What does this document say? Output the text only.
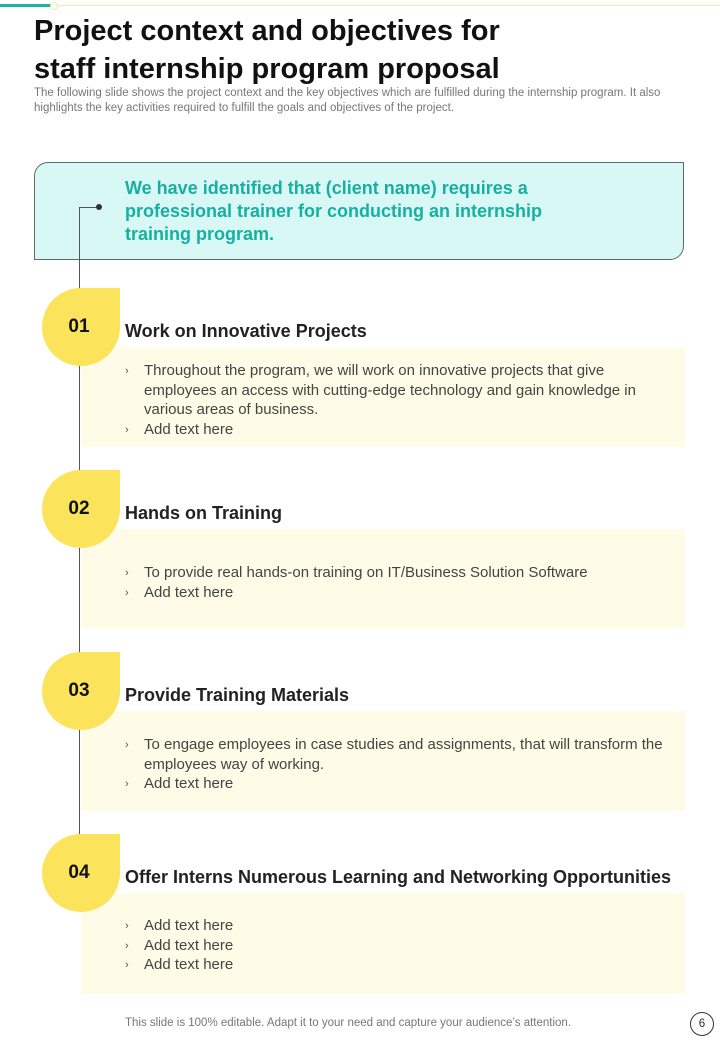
Project context and objectives for
staff internship program proposal

The following slide shows the project context and the key objectives which are fulfilled during the internship program. It also highlights the key activities required to fulfill the goals and objectives of the project.

We have identified that (client name) requires a professional trainer for conducting an internship training program.

01 Work on Innovative Projects
› Throughout the program, we will work on innovative projects that give employees an access with cutting-edge technology and gain knowledge in various areas of business.
› Add text here
02 Hands on Training
› To provide real hands-on training on IT/Business Solution Software
› Add text here
03 Provide Training Materials
› To engage employees in case studies and assignments, that will transform the employees way of working.
› Add text here
04 Offer Interns Numerous Learning and Networking Opportunities
› Add text here
› Add text here
› Add text here

This slide is 100% editable. Adapt it to your need and capture your audience’s attention.	6
